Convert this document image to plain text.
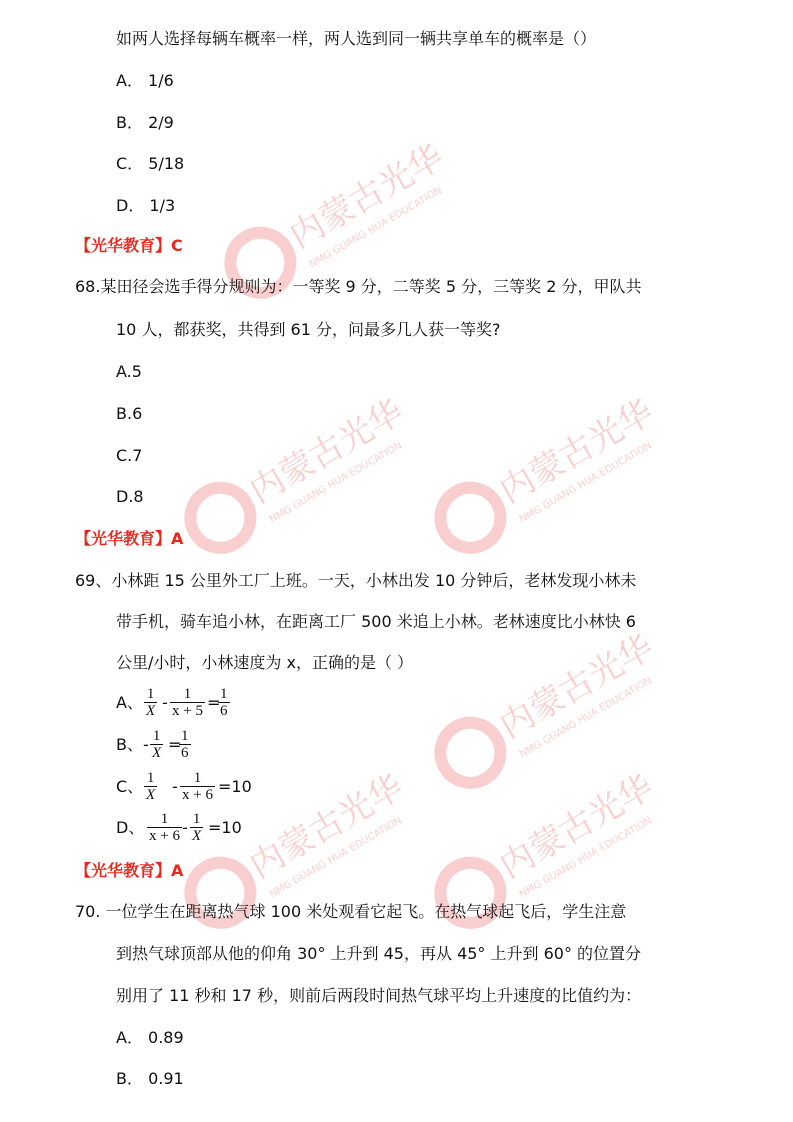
内蒙古光华教育
NMG GUANG HUA EDUCATION
内蒙古光华教育
NMG GUANG HUA EDUCATION	内蒙古光华教育
NMG GUANG HUA EDUCATION
内蒙古光华教育
NMG GUANG HUA EDUCATION
内蒙古光华教育
NMG GUANG HUA EDUCATION	内蒙古光华教育
NMG GUANG HUA EDUCATION
如两人选择每辆车概率一样，两人选到同一辆共享单车的概率是（）
A． 1/6
B． 2/9
C． 5/18
D． 1/3
【光华教育】C
68.某田径会选手得分规则为：一等奖 9 分，二等奖 5 分，三等奖 2 分，甲队共
10 人，都获奖，共得到 61 分，问最多几人获一等奖?
A.5
B.6
C.7
D.8
【光华教育】A
69、小林距 15 公里外工厂上班。一天，小林出发 10 分钟后，老林发现小林未
带手机，骑车追小林，在距离工厂 500 米追上小林。老林速度比小林快 6
公里/小时，小林速度为 x，正确的是（ ）
A、 $\frac{1}{X} - \frac{1}{x + 5}$ =
$\frac{1}{6}$
B、 - $\frac{1}{X}$ =
$\frac{1}{6}$
C、 $\frac{1}{X} - \frac{1}{x + 6} =10$
D、 $\frac{1}{x + 6} - \frac{1}{X} =10$
【光华教育】A
70. 一位学生在距离热气球 100 米处观看它起飞。在热气球起飞后，学生注意
到热气球顶部从他的仰角 30° 上升到 45，再从 45° 上升到 60° 的位置分
别用了 11 秒和 17 秒，则前后两段时间热气球平均上升速度的比值约为：
A． 0.89
B． 0.91
